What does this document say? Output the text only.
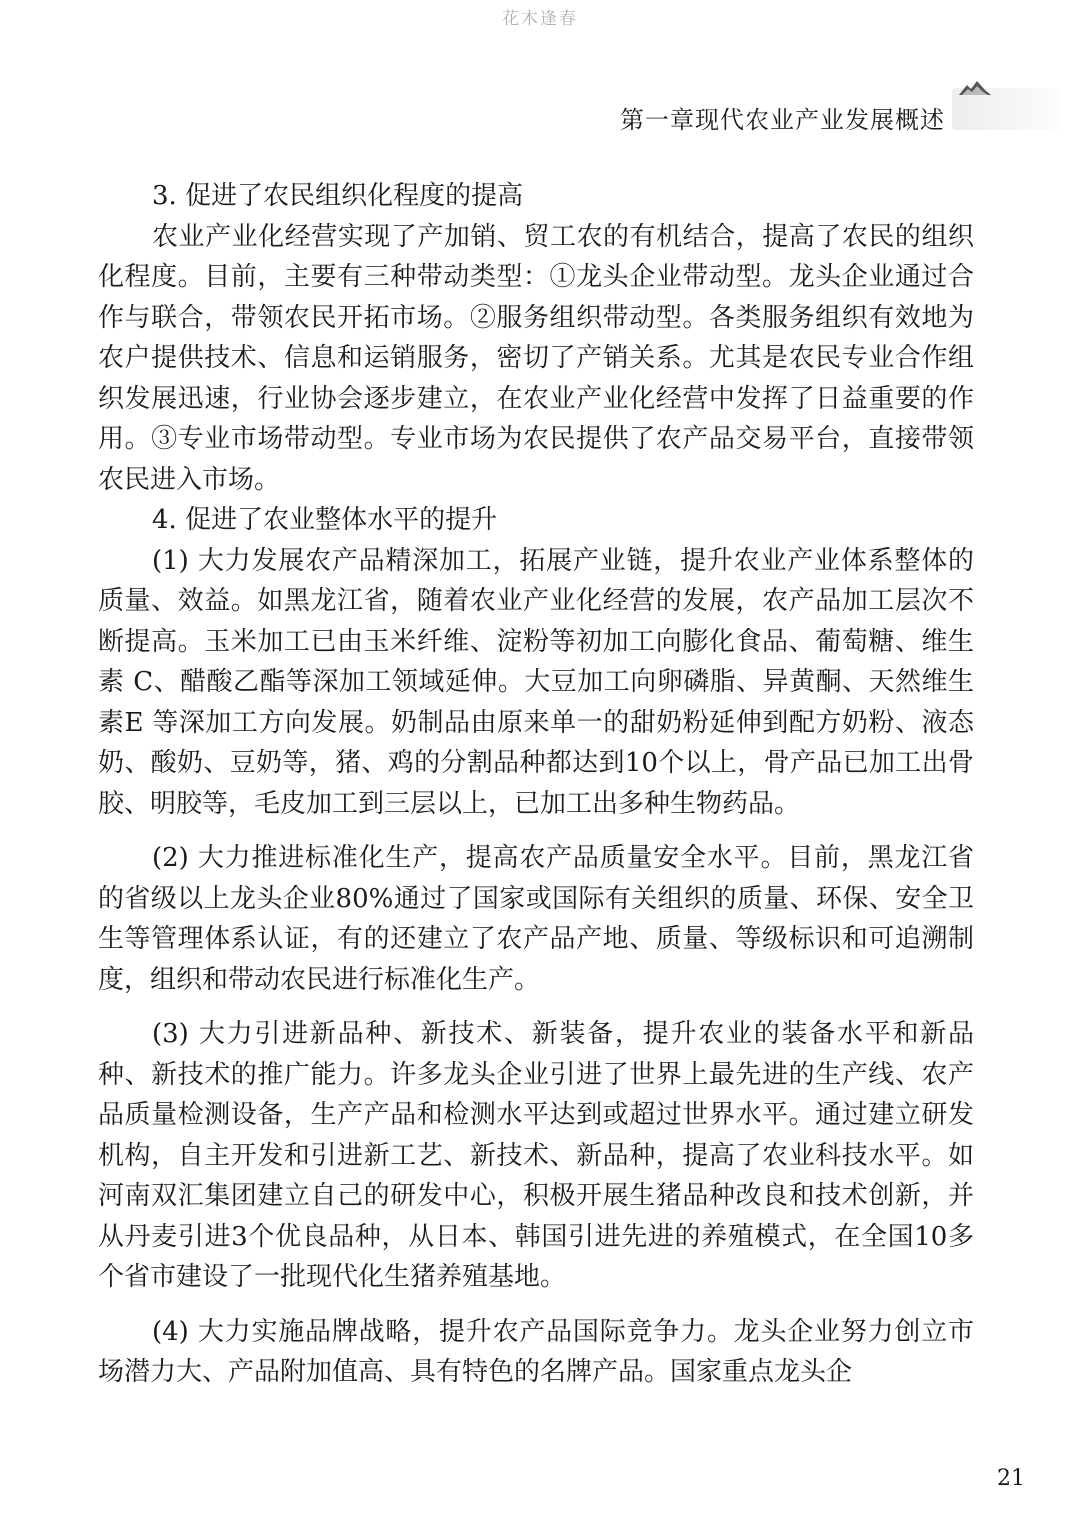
花木逢春
第一章现代农业产业发展概述

3. 促进了农民组织化程度的提高

农业产业化经营实现了产加销、贸工农的有机结合，提高了农民的组织化程度。目前，主要有三种带动类型：①龙头企业带动型。龙头企业通过合作与联合，带领农民开拓市场。②服务组织带动型。各类服务组织有效地为农户提供技术、信息和运销服务，密切了产销关系。尤其是农民专业合作组织发展迅速，行业协会逐步建立，在农业产业化经营中发挥了日益重要的作用。③专业市场带动型。专业市场为农民提供了农产品交易平台，直接带领农民进入市场。

4. 促进了农业整体水平的提升

(1) 大力发展农产品精深加工，拓展产业链，提升农业产业体系整体的质量、效益。如黑龙江省，随着农业产业化经营的发展，农产品加工层次不断提高。玉米加工已由玉米纤维、淀粉等初加工向膨化食品、葡萄糖、维生素 C、醋酸乙酯等深加工领域延伸。大豆加工向卵磷脂、异黄酮、天然维生素E 等深加工方向发展。奶制品由原来单一的甜奶粉延伸到配方奶粉、液态奶、酸奶、豆奶等，猪、鸡的分割品种都达到10个以上，骨产品已加工出骨胶、明胶等，毛皮加工到三层以上，已加工出多种生物药品。

(2) 大力推进标准化生产，提高农产品质量安全水平。目前，黑龙江省的省级以上龙头企业80%通过了国家或国际有关组织的质量、环保、安全卫生等管理体系认证，有的还建立了农产品产地、质量、等级标识和可追溯制度，组织和带动农民进行标准化生产。

(3) 大力引进新品种、新技术、新装备，提升农业的装备水平和新品种、新技术的推广能力。许多龙头企业引进了世界上最先进的生产线、农产品质量检测设备，生产产品和检测水平达到或超过世界水平。通过建立研发机构，自主开发和引进新工艺、新技术、新品种，提高了农业科技水平。如河南双汇集团建立自己的研发中心，积极开展生猪品种改良和技术创新，并从丹麦引进3个优良品种，从日本、韩国引进先进的养殖模式，在全国10多个省市建设了一批现代化生猪养殖基地。

(4) 大力实施品牌战略，提升农产品国际竞争力。龙头企业努力创立市场潜力大、产品附加值高、具有特色的名牌产品。国家重点龙头企

21
